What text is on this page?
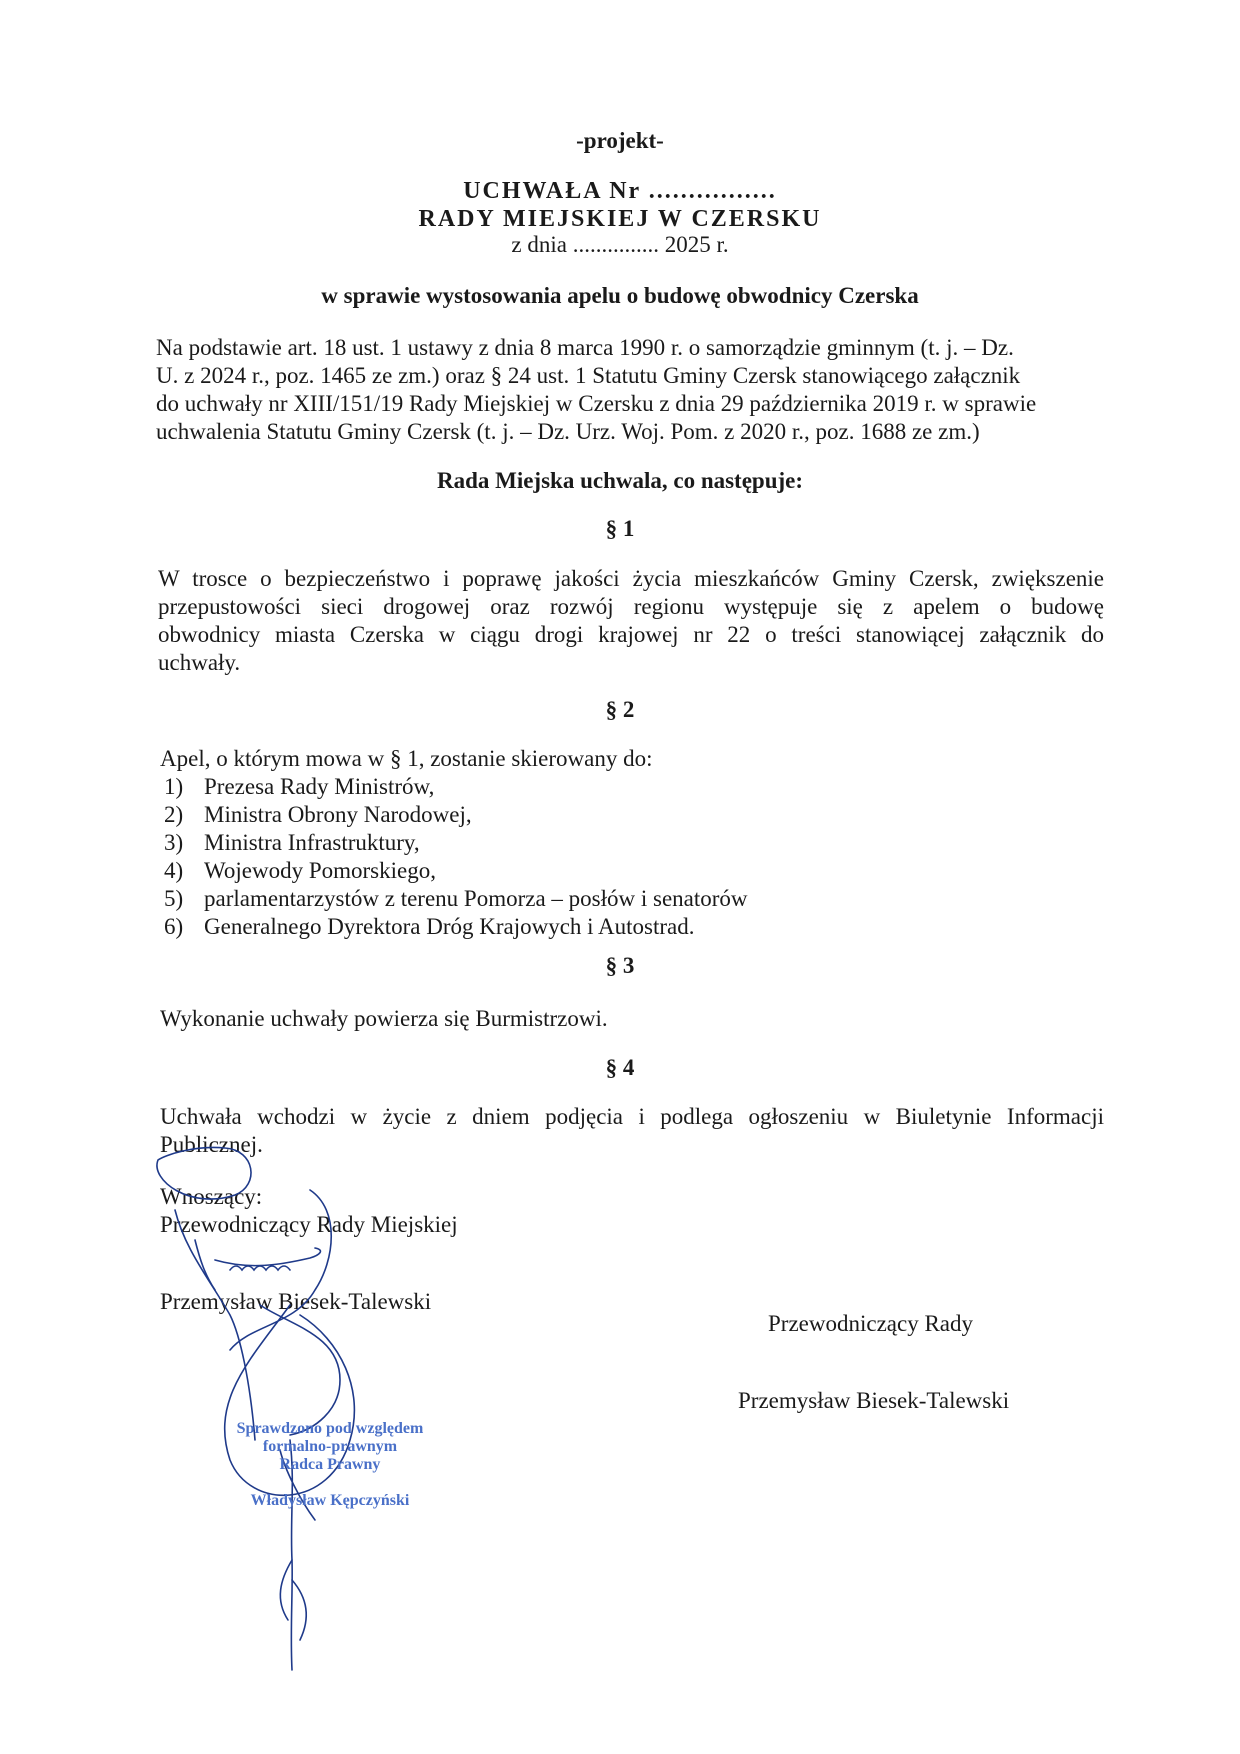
-projekt-
UCHWAŁA Nr ................
RADY MIEJSKIEJ W CZERSKU
z dnia ............... 2025 r.
w sprawie wystosowania apelu o budowę obwodnicy Czerska
Na podstawie art. 18 ust. 1 ustawy z dnia 8 marca 1990 r. o samorządzie gminnym (t. j. – Dz.
U. z 2024 r., poz. 1465 ze zm.) oraz § 24 ust. 1 Statutu Gminy Czersk stanowiącego załącznik
do uchwały nr XIII/151/19 Rady Miejskiej w Czersku z dnia 29 października 2019 r. w sprawie
uchwalenia Statutu Gminy Czersk (t. j. – Dz. Urz. Woj. Pom. z 2020 r., poz. 1688 ze zm.)
Rada Miejska uchwala, co następuje:
§ 1
W trosce o bezpieczeństwo i poprawę jakości życia mieszkańców Gminy Czersk, zwiększenie
przepustowości sieci drogowej oraz rozwój regionu występuje się z apelem o budowę
obwodnicy miasta Czerska w ciągu drogi krajowej nr 22 o treści stanowiącej załącznik do
uchwały.
§ 2
Apel, o którym mowa w § 1, zostanie skierowany do:
1) Prezesa Rady Ministrów,
2) Ministra Obrony Narodowej,
3) Ministra Infrastruktury,
4) Wojewody Pomorskiego,
5) parlamentarzystów z terenu Pomorza – posłów i senatorów
6) Generalnego Dyrektora Dróg Krajowych i Autostrad.
§ 3
Wykonanie uchwały powierza się Burmistrzowi.
§ 4
Uchwała wchodzi w życie z dniem podjęcia i podlega ogłoszeniu w Biuletynie Informacji
Publicznej.
Wnoszący:
Przewodniczący Rady Miejskiej
Przemysław Biesek-Talewski
Przewodniczący Rady
Przemysław Biesek-Talewski
Sprawdzono pod względem
formalno-prawnym
Radca Prawny
Władysław Kępczyński
